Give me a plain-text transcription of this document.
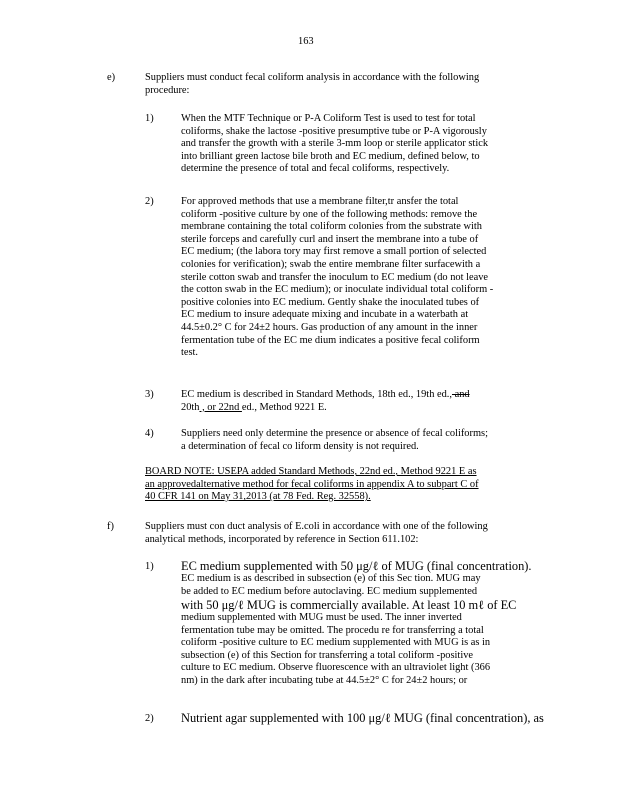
163
e)	Suppliers must conduct fecal coliform analysis in accordance with the following
procedure:
1)	When the MTF Technique or P-A Coliform Test is used to test for total
coliforms, shake the lactose -positive presumptive tube or P-A vigorously
and transfer the growth with a sterile 3-mm loop or sterile applicator stick
into brilliant green lactose bile broth and EC medium, defined below, to
determine the presence of total and fecal coliforms, respectively.
2)	For approved methods that use a membrane filter,tr ansfer the total
coliform -positive culture by one of the following methods: remove the
membrane containing the total coliform colonies from the substrate with
sterile forceps and carefully curl and insert the membrane into a tube of
EC medium; (the labora tory may first remove a small portion of selected
colonies for verification); swab the entire membrane filter surfacewith a
sterile cotton swab and transfer the inoculum to EC medium (do not leave
the cotton swab in the EC medium); or inoculate individual total coliform -
positive colonies into EC medium. Gently shake the inoculated tubes of
EC medium to insure adequate mixing and incubate in a waterbath at
44.5±0.2° C for 24±2 hours. Gas production of any amount in the inner
fermentation tube of the EC me dium indicates a positive fecal coliform
test.
3)	EC medium is described in Standard Methods, 18th ed., 19th ed., and
20th , or 22nd ed., Method 9221 E.
4)	Suppliers need only determine the presence or absence of fecal coliforms;
a determination of fecal co liform density is not required.
BOARD NOTE: USEPA added Standard Methods, 22nd ed., Method 9221 E as
an approvedalternative method for fecal coliforms in appendix A to subpart C of
40 CFR 141 on May 31,2013 (at 78 Fed. Reg. 32558).
f)	Suppliers must con duct analysis of E.coli in accordance with one of the following
analytical methods, incorporated by reference in Section 611.102:
1) EC medium supplemented with 50 μg/ℓ of MUG (final concentration).
EC medium is as described in subsection (e) of this Sec tion. MUG may
be added to EC medium before autoclaving. EC medium supplemented
with 50 μg/ℓ MUG is commercially available. At least 10 mℓ of EC
medium supplemented with MUG must be used. The inner inverted
fermentation tube may be omitted. The procedu re for transferring a total
coliform -positive culture to EC medium supplemented with MUG is as in
subsection (e) of this Section for transferring a total coliform -positive
culture to EC medium. Observe fluorescence with an ultraviolet light (366
nm) in the dark after incubating tube at 44.5±2° C for 24±2 hours; or
2) Nutrient agar supplemented with 100 μg/ℓ MUG (final concentration), as
